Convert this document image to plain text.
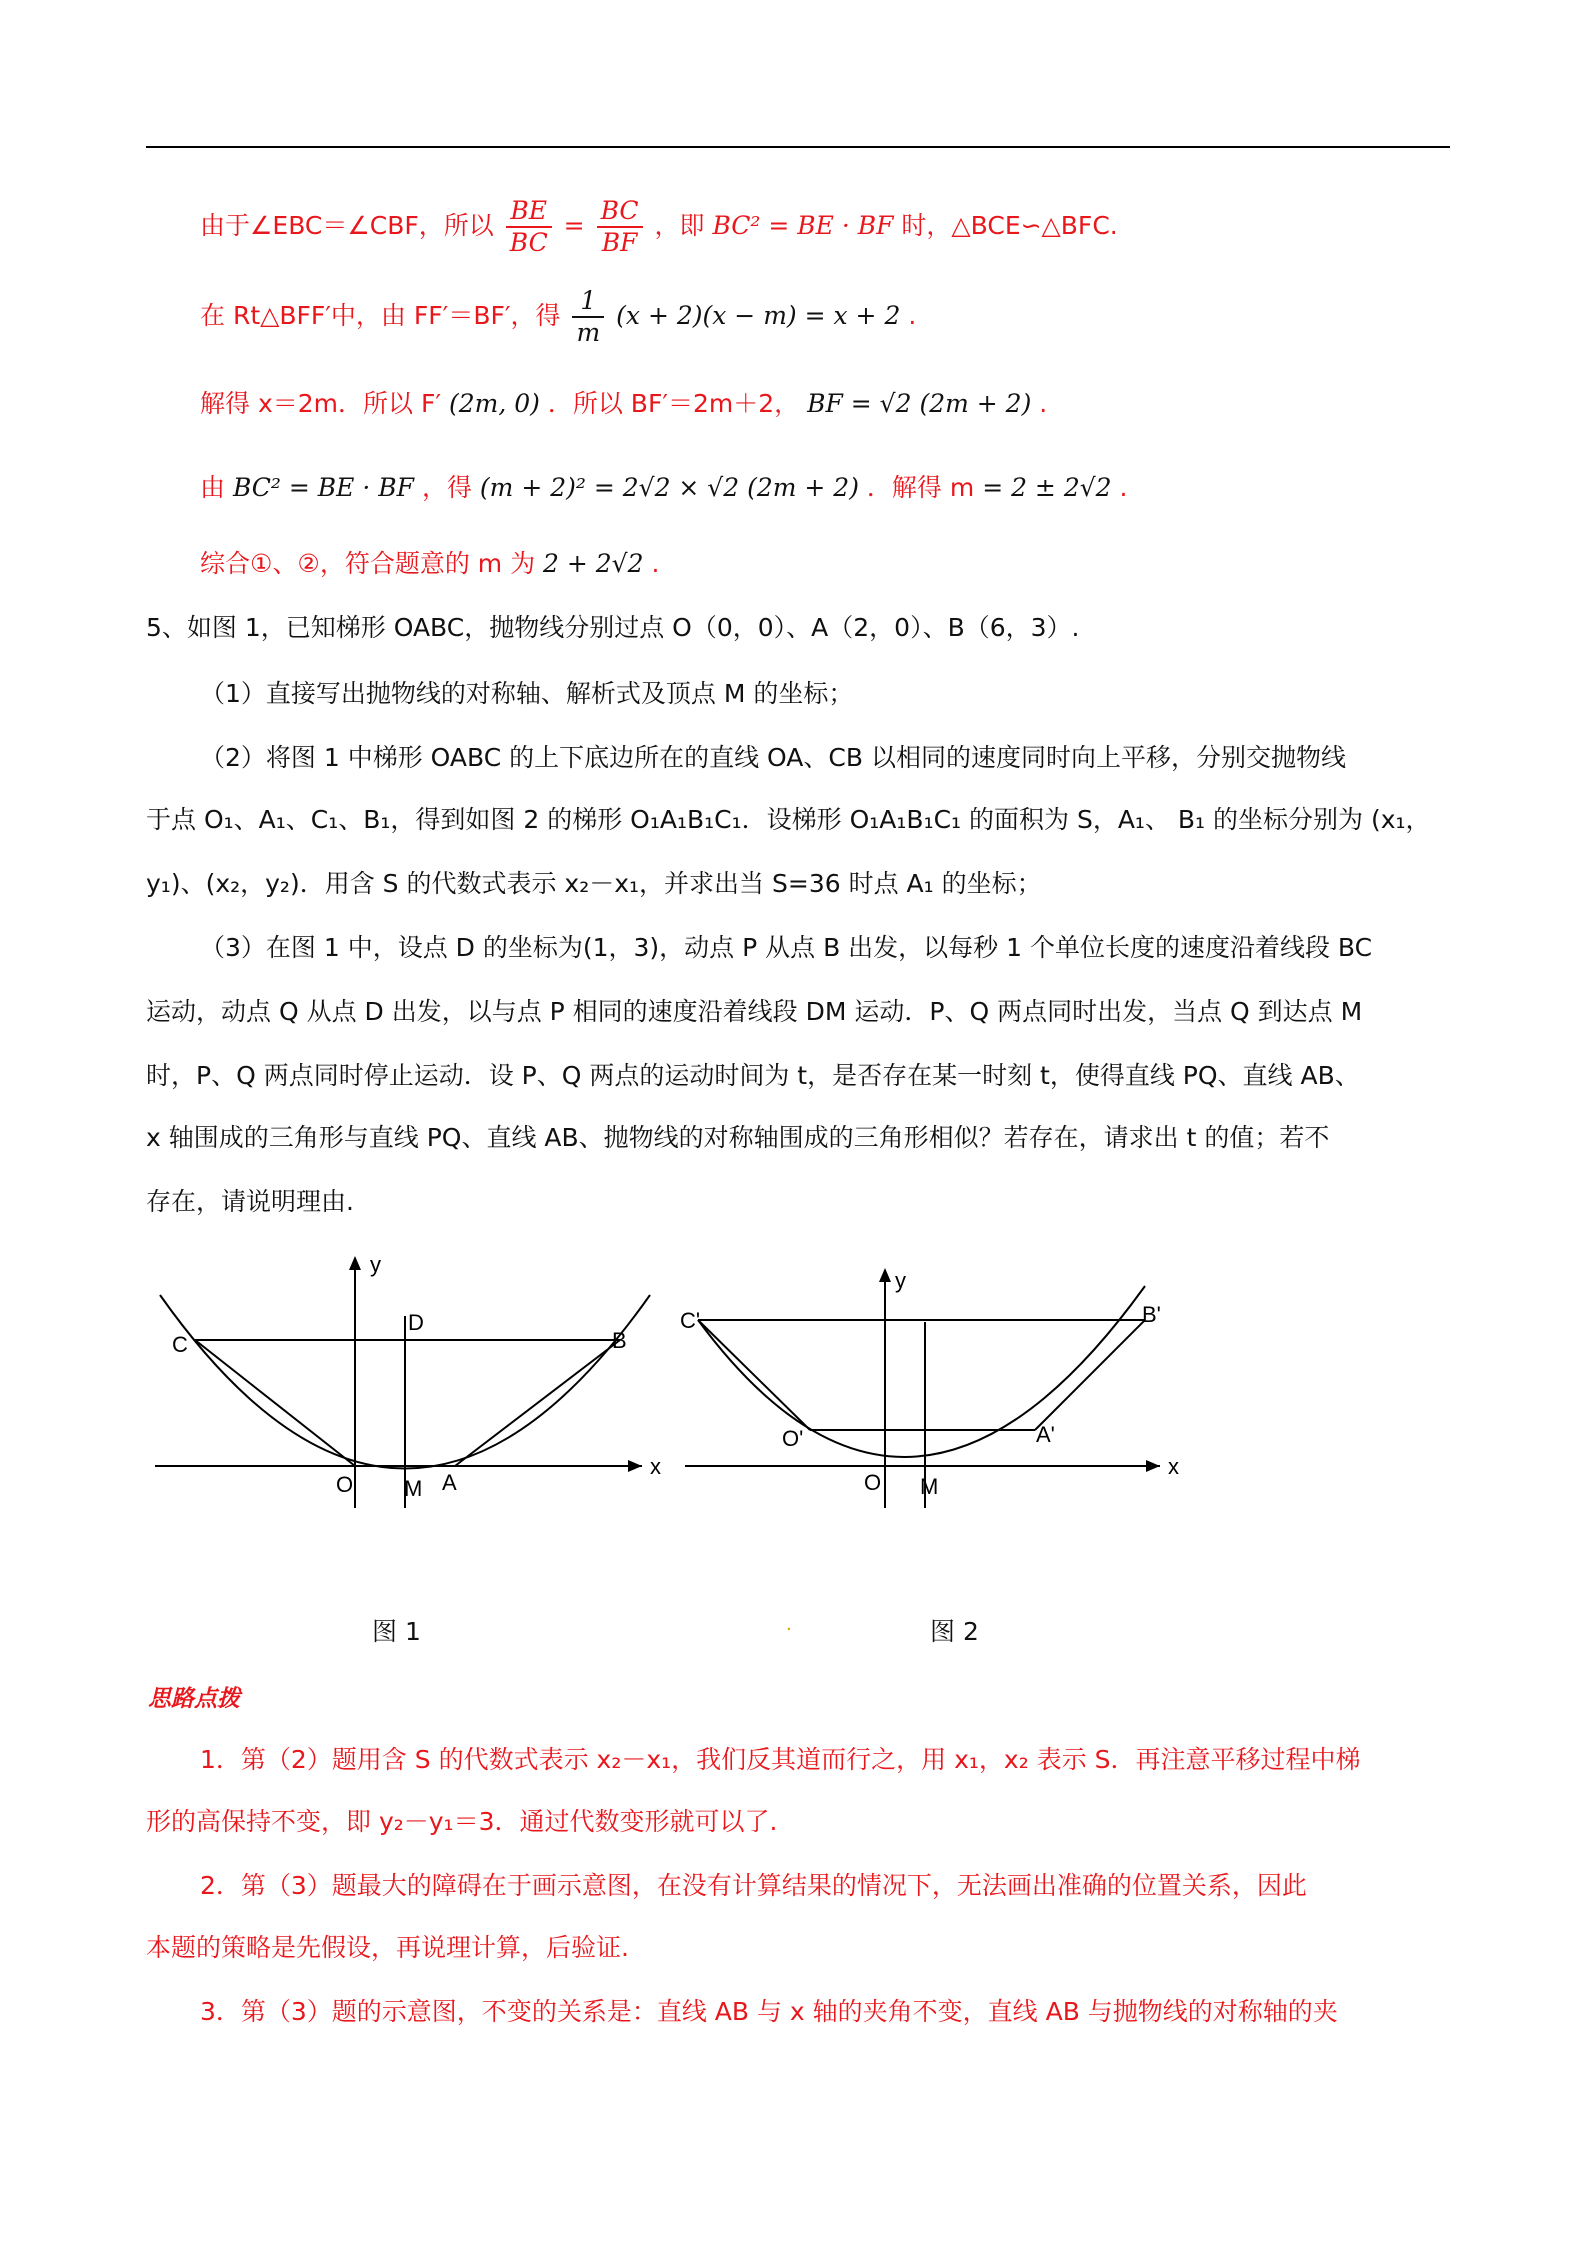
由于∠EBC＝∠CBF，所以 $\frac{BE}{BC} = \frac{BC}{BF}$ ，即 BC² = BE · BF 时，△BCE∽△BFC.
在 Rt△BFF′中，由 FF′＝BF′，得 $\frac{1}{m} (x + 2)(x - m) = x + 2$ .
解得 x＝2m．所以 F′ (2m, 0) ．所以 BF′＝2m＋2， BF = √2 (2m + 2) .
由 BC² = BE · BF ，得 (m + 2)² = 2√2 × √2 (2m + 2) ．解得 m = 2 ± 2√2 .
综合①、②，符合题意的 m 为 2 + 2√2 .
5、如图 1，已知梯形 OABC，抛物线分别过点 O（0，0）、A（2，0）、B（6，3）.
（1）直接写出抛物线的对称轴、解析式及顶点 M 的坐标；
（2）将图 1 中梯形 OABC 的上下底边所在的直线 OA、CB 以相同的速度同时向上平移，分别交抛物线
于点 O₁、A₁、C₁、B₁，得到如图 2 的梯形 O₁A₁B₁C₁．设梯形 O₁A₁B₁C₁ 的面积为 S，A₁、 B₁ 的坐标分别为 (x₁，
y₁)、(x₂，y₂)．用含 S 的代数式表示 x₂－x₁，并求出当 S=36 时点 A₁ 的坐标；
（3）在图 1 中，设点 D 的坐标为(1，3)，动点 P 从点 B 出发，以每秒 1 个单位长度的速度沿着线段 BC
运动，动点 Q 从点 D 出发，以与点 P 相同的速度沿着线段 DM 运动．P、Q 两点同时出发，当点 Q 到达点 M
时，P、Q 两点同时停止运动．设 P、Q 两点的运动时间为 t，是否存在某一时刻 t，使得直线 PQ、直线 AB、
x 轴围成的三角形与直线 PQ、直线 AB、抛物线的对称轴围成的三角形相似？若存在，请求出 t 的值；若不
存在，请说明理由.
y
x
D
C	B
O M A
y
x
C'	B'
O'	A'
O M
图 1	.	图 2
思路点拨
1．第（2）题用含 S 的代数式表示 x₂－x₁，我们反其道而行之，用 x₁，x₂ 表示 S．再注意平移过程中梯
形的高保持不变，即 y₂－y₁＝3．通过代数变形就可以了.
2．第（3）题最大的障碍在于画示意图，在没有计算结果的情况下，无法画出准确的位置关系，因此
本题的策略是先假设，再说理计算，后验证.
3．第（3）题的示意图，不变的关系是：直线 AB 与 x 轴的夹角不变，直线 AB 与抛物线的对称轴的夹
